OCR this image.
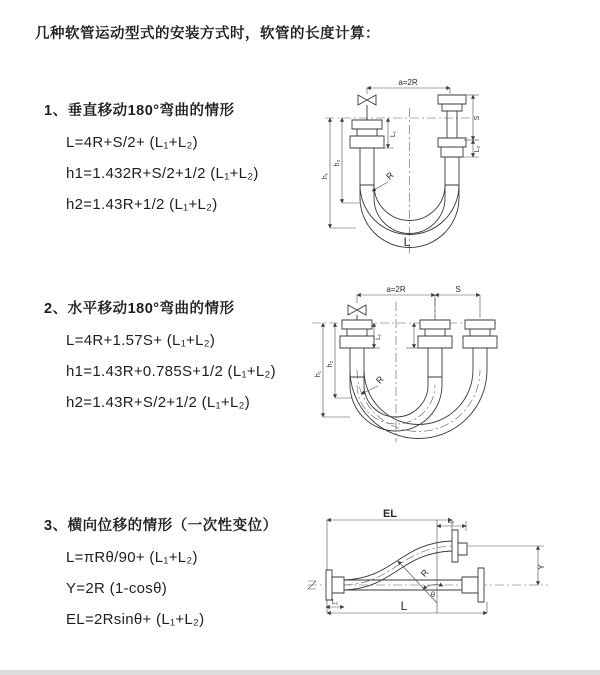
几种软管运动型式的安装方式时，软管的长度计算：
1、垂直移动180°弯曲的情形
L=4R+S/2+ (L₁+L₂)
h1=1.432R+S/2+1/2 (L₁+L₂)
h2=1.43R+1/2 (L₁+L₂)
2、水平移动180°弯曲的情形
L=4R+1.57S+ (L₁+L₂)
h1=1.43R+0.785S+1/2 (L₁+L₂)
h2=1.43R+S/2+1/2 (L₁+L₂)
3、横向位移的情形（一次性变位）
L=πRθ/90+ (L₁+L₂)
Y=2R (1-cosθ)
EL=2Rsinθ+ (L₁+L₂)
a=2R
L₁
S
L₂
h₁
h₂
R
L
a=2R	S
L₁
h₁
h₂
R
EL
L₂
Y
θ
R
L₁	L
